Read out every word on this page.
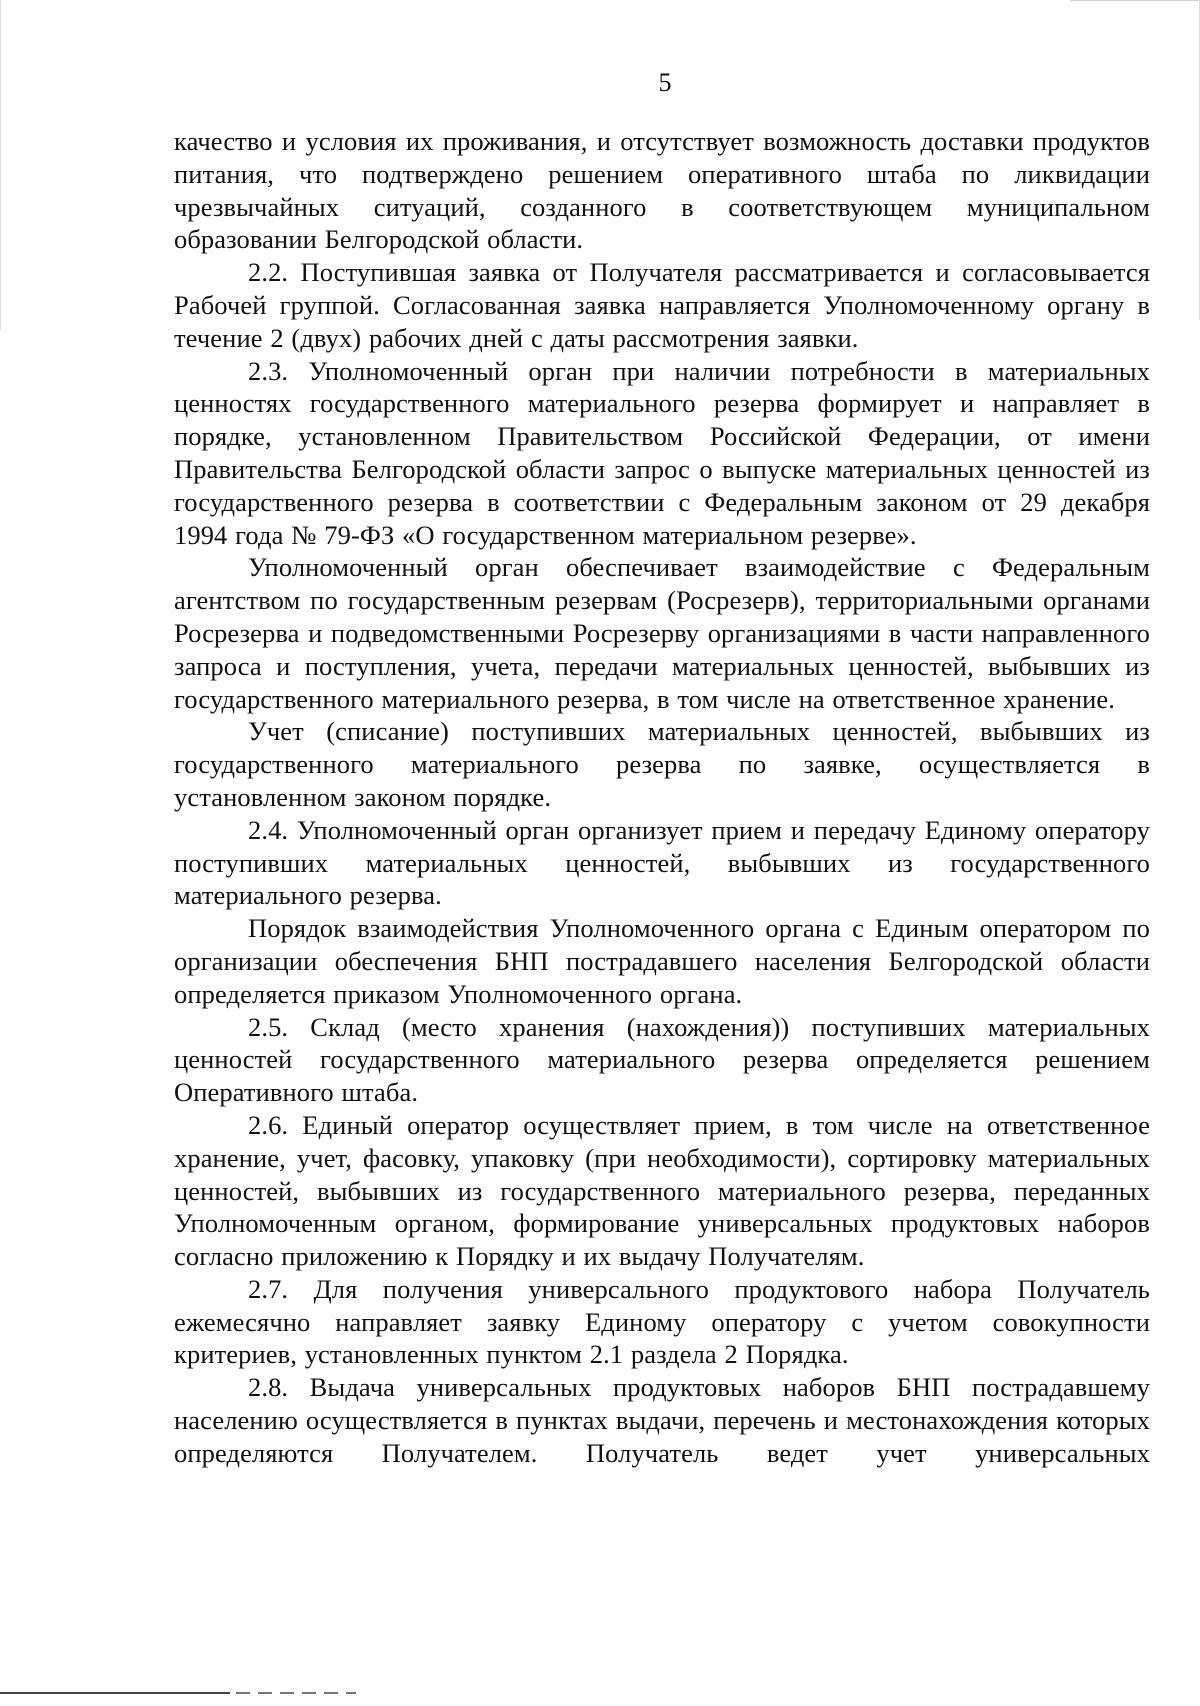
5

качество и условия их проживания, и отсутствует возможность доставки продуктов питания, что подтверждено решением оперативного штаба по ликвидации чрезвычайных ситуаций, созданного в соответствующем муниципальном образовании Белгородской области.

2.2. Поступившая заявка от Получателя рассматривается и согласовывается Рабочей группой. Согласованная заявка направляется Уполномоченному органу в течение 2 (двух) рабочих дней с даты рассмотрения заявки.

2.3. Уполномоченный орган при наличии потребности в материальных ценностях государственного материального резерва формирует и направляет в порядке, установленном Правительством Российской Федерации, от имени Правительства Белгородской области запрос о выпуске материальных ценностей из государственного резерва в соответствии с Федеральным законом от 29 декабря 1994 года № 79-ФЗ «О государственном материальном резерве».

Уполномоченный орган обеспечивает взаимодействие с Федеральным агентством по государственным резервам (Росрезерв), территориальными органами Росрезерва и подведомственными Росрезерву организациями в части направленного запроса и поступления, учета, передачи материальных ценностей, выбывших из государственного материального резерва, в том числе на ответственное хранение.

Учет (списание) поступивших материальных ценностей, выбывших из государственного материального резерва по заявке, осуществляется в установленном законом порядке.

2.4. Уполномоченный орган организует прием и передачу Единому оператору поступивших материальных ценностей, выбывших из государственного материального резерва.

Порядок взаимодействия Уполномоченного органа с Единым оператором по организации обеспечения БНП пострадавшего населения Белгородской области определяется приказом Уполномоченного органа.

2.5. Склад (место хранения (нахождения)) поступивших материальных ценностей государственного материального резерва определяется решением Оперативного штаба.

2.6. Единый оператор осуществляет прием, в том числе на ответственное хранение, учет, фасовку, упаковку (при необходимости), сортировку материальных ценностей, выбывших из государственного материального резерва, переданных Уполномоченным органом, формирование универсальных продуктовых наборов согласно приложению к Порядку и их выдачу Получателям.

2.7. Для получения универсального продуктового набора Получатель ежемесячно направляет заявку Единому оператору с учетом совокупности критериев, установленных пунктом 2.1 раздела 2 Порядка.

2.8. Выдача универсальных продуктовых наборов БНП пострадавшему населению осуществляется в пунктах выдачи, перечень и местонахождения которых определяются Получателем. Получатель ведет учет универсальных
